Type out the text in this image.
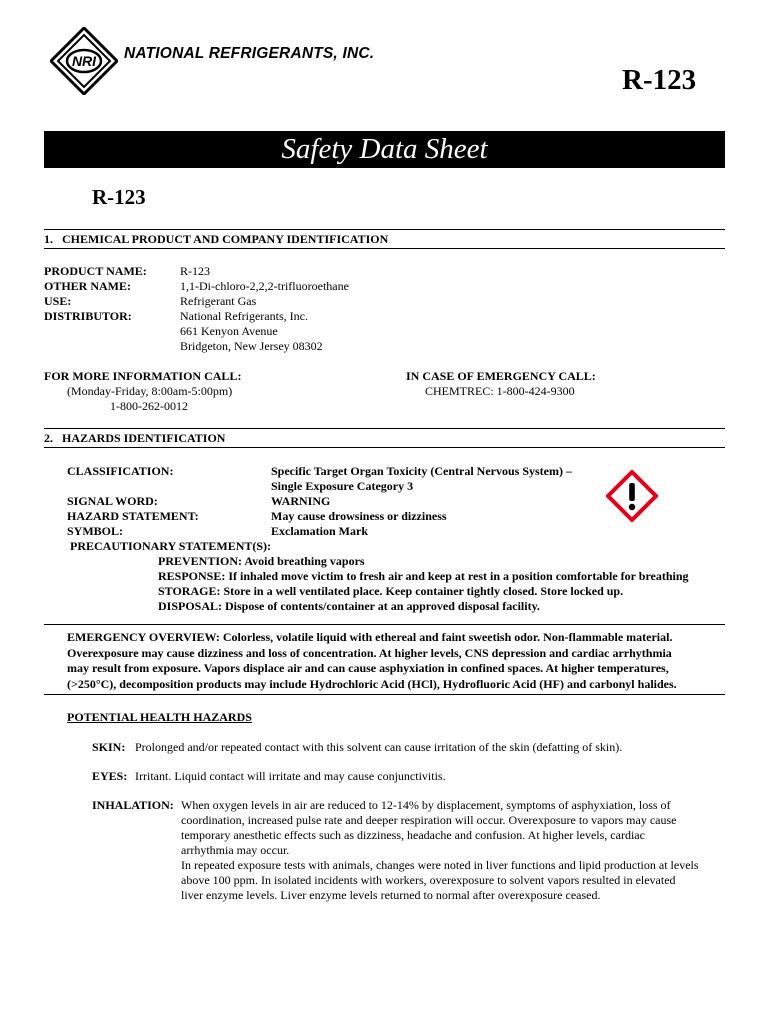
NRI NATIONAL REFRIGERANTS, INC.
R-123
Safety Data Sheet
R-123
1.   CHEMICAL PRODUCT AND COMPANY IDENTIFICATION
PRODUCT NAME:	R-123
OTHER NAME:	1,1-Di-chloro-2,2,2-trifluoroethane
USE:	Refrigerant Gas
DISTRIBUTOR:	National Refrigerants, Inc.
661 Kenyon Avenue
Bridgeton, New Jersey 08302
FOR MORE INFORMATION CALL:
(Monday-Friday, 8:00am-5:00pm)
1-800-262-0012
IN CASE OF EMERGENCY CALL:
CHEMTREC: 1-800-424-9300
2.   HAZARDS IDENTIFICATION
CLASSIFICATION:	Specific Target Organ Toxicity (Central Nervous System) –
Single Exposure Category 3
SIGNAL WORD:	WARNING
HAZARD STATEMENT:	May cause drowsiness or dizziness
SYMBOL:	Exclamation Mark
PRECAUTIONARY STATEMENT(S):
PREVENTION: Avoid breathing vapors
RESPONSE: If inhaled move victim to fresh air and keep at rest in a position comfortable for breathing
STORAGE: Store in a well ventilated place. Keep container tightly closed. Store locked up.
DISPOSAL: Dispose of contents/container at an approved disposal facility.
EMERGENCY OVERVIEW: Colorless, volatile liquid with ethereal and faint sweetish odor. Non-flammable material.
Overexposure may cause dizziness and loss of concentration. At higher levels, CNS depression and cardiac arrhythmia
may result from exposure. Vapors displace air and can cause asphyxiation in confined spaces. At higher temperatures,
(>250°C), decomposition products may include Hydrochloric Acid (HCl), Hydrofluoric Acid (HF) and carbonyl halides.
POTENTIAL HEALTH HAZARDS
SKIN: Prolonged and/or repeated contact with this solvent can cause irritation of the skin (defatting of skin).
EYES: Irritant. Liquid contact will irritate and may cause conjunctivitis.
INHALATION: When oxygen levels in air are reduced to 12-14% by displacement, symptoms of asphyxiation, loss of
coordination, increased pulse rate and deeper respiration will occur. Overexposure to vapors may cause
temporary anesthetic effects such as dizziness, headache and confusion. At higher levels, cardiac
arrhythmia may occur.
In repeated exposure tests with animals, changes were noted in liver functions and lipid production at levels
above 100 ppm. In isolated incidents with workers, overexposure to solvent vapors resulted in elevated
liver enzyme levels. Liver enzyme levels returned to normal after overexposure ceased.
